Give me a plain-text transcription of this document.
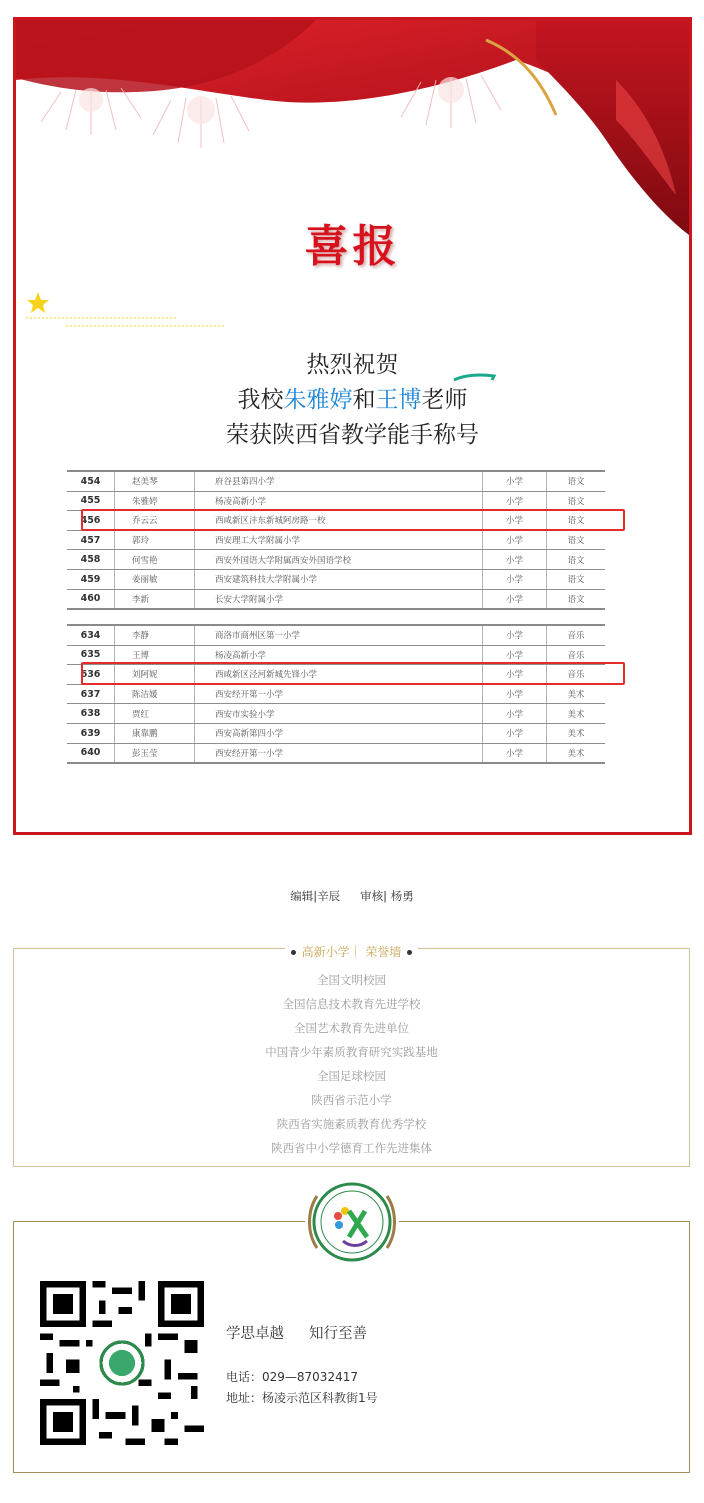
喜报
热烈祝贺
我校朱雅婷和王博老师
荣获陕西省教学能手称号
454	赵美琴	府谷县第四小学	小学	语文
455	朱雅婷	杨凌高新小学	小学	语文
456	乔云云	西咸新区沣东新城阿房路一校	小学	语文
457	郭玲	西安理工大学附属小学	小学	语文
458	何雪艳	西安外国语大学附属西安外国语学校	小学	语文
459	姜丽敏	西安建筑科技大学附属小学	小学	语文
460	李新	长安大学附属小学	小学	语文
634	李静	商洛市商州区第一小学	小学	音乐
635	王博	杨凌高新小学	小学	音乐
636	刘阿妮	西咸新区泾河新城先锋小学	小学	音乐
637	陈洁媛	西安经开第一小学	小学	美术
638	贾红	西安市实验小学	小学	美术
639	康靠鹏	西安高新第四小学	小学	美术
640	彭玉莹	西安经开第一小学	小学	美术
编辑|辛辰 审核| 杨勇
高新小学｜ 荣誉墙
全国文明校园
全国信息技术教育先进学校
全国艺术教育先进单位
中国青少年素质教育研究实践基地
全国足球校园
陕西省示范小学
陕西省实施素质教育优秀学校
陕西省中小学德育工作先进集体
学思卓越 知行至善
电话：029—87032417
地址：杨凌示范区科教街1号
